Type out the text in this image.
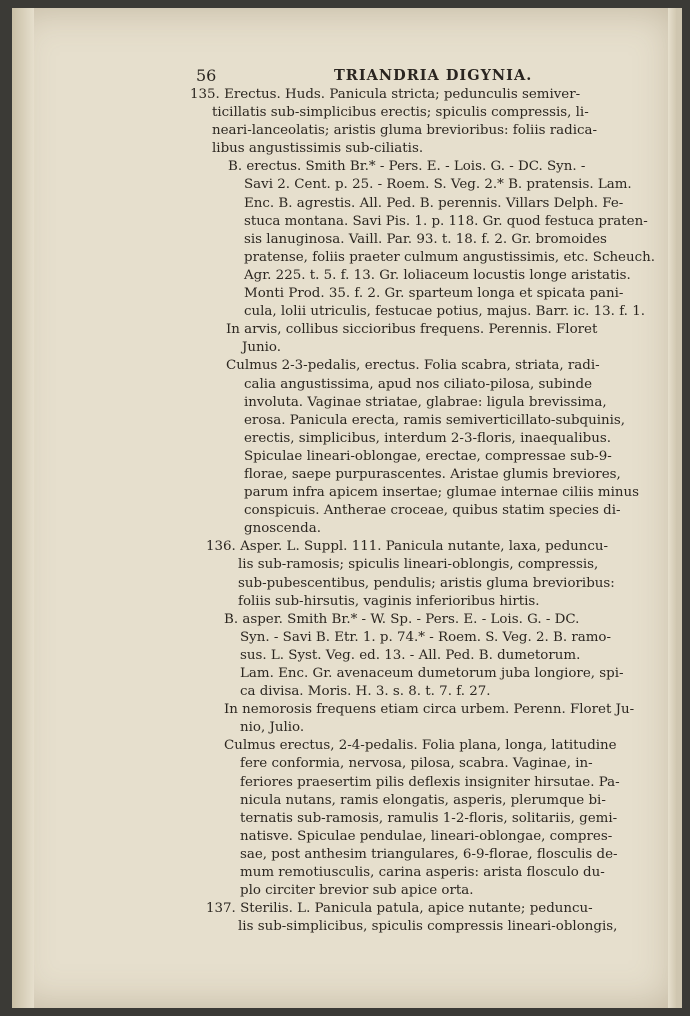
56	TRIANDRIA DIGYNIA.
135. Erectus. Huds. Panicula stricta; pedunculis semiver-
ticillatis sub-simplicibus erectis; spiculis compressis, li-
neari-lanceolatis; aristis gluma brevioribus: foliis radica-
libus angustissimis sub-ciliatis.
B. erectus. Smith Br.* - Pers. E. - Lois. G. - DC. Syn. -
Savi 2. Cent. p. 25. - Roem. S. Veg. 2.* B. pratensis. Lam.
Enc. B. agrestis. All. Ped. B. perennis. Villars Delph. Fe-
stuca montana. Savi Pis. 1. p. 118. Gr. quod festuca praten-
sis lanuginosa. Vaill. Par. 93. t. 18. f. 2. Gr. bromoides
pratense, foliis praeter culmum angustissimis, etc. Scheuch.
Agr. 225. t. 5. f. 13. Gr. loliaceum locustis longe aristatis.
Monti Prod. 35. f. 2. Gr. sparteum longa et spicata pani-
cula, lolii utriculis, festucae potius, majus. Barr. ic. 13. f. 1.
In arvis, collibus siccioribus frequens. Perennis. Floret
Junio.
Culmus 2-3-pedalis, erectus. Folia scabra, striata, radi-
calia angustissima, apud nos ciliato-pilosa, subinde
involuta. Vaginae striatae, glabrae: ligula brevissima,
erosa. Panicula erecta, ramis semiverticillato-subquinis,
erectis, simplicibus, interdum 2-3-floris, inaequalibus.
Spiculae lineari-oblongae, erectae, compressae sub-9-
florae, saepe purpurascentes. Aristae glumis breviores,
parum infra apicem insertae; glumae internae ciliis minus
conspicuis. Antherae croceae, quibus statim species di-
gnoscenda.
136. Asper. L. Suppl. 111. Panicula nutante, laxa, peduncu-
lis sub-ramosis; spiculis lineari-oblongis, compressis,
sub-pubescentibus, pendulis; aristis gluma brevioribus:
foliis sub-hirsutis, vaginis inferioribus hirtis.
B. asper. Smith Br.* - W. Sp. - Pers. E. - Lois. G. - DC.
Syn. - Savi B. Etr. 1. p. 74.* - Roem. S. Veg. 2. B. ramo-
sus. L. Syst. Veg. ed. 13. - All. Ped. B. dumetorum.
Lam. Enc. Gr. avenaceum dumetorum juba longiore, spi-
ca divisa. Moris. H. 3. s. 8. t. 7. f. 27.
In nemorosis frequens etiam circa urbem. Perenn. Floret Ju-
nio, Julio.
Culmus erectus, 2-4-pedalis. Folia plana, longa, latitudine
fere conformia, nervosa, pilosa, scabra. Vaginae, in-
feriores praesertim pilis deflexis insigniter hirsutae. Pa-
nicula nutans, ramis elongatis, asperis, plerumque bi-
ternatis sub-ramosis, ramulis 1-2-floris, solitariis, gemi-
natisve. Spiculae pendulae, lineari-oblongae, compres-
sae, post anthesim triangulares, 6-9-florae, flosculis de-
mum remotiusculis, carina asperis: arista flosculo du-
plo circiter brevior sub apice orta.
137. Sterilis. L. Panicula patula, apice nutante; peduncu-
lis sub-simplicibus, spiculis compressis lineari-oblongis,
